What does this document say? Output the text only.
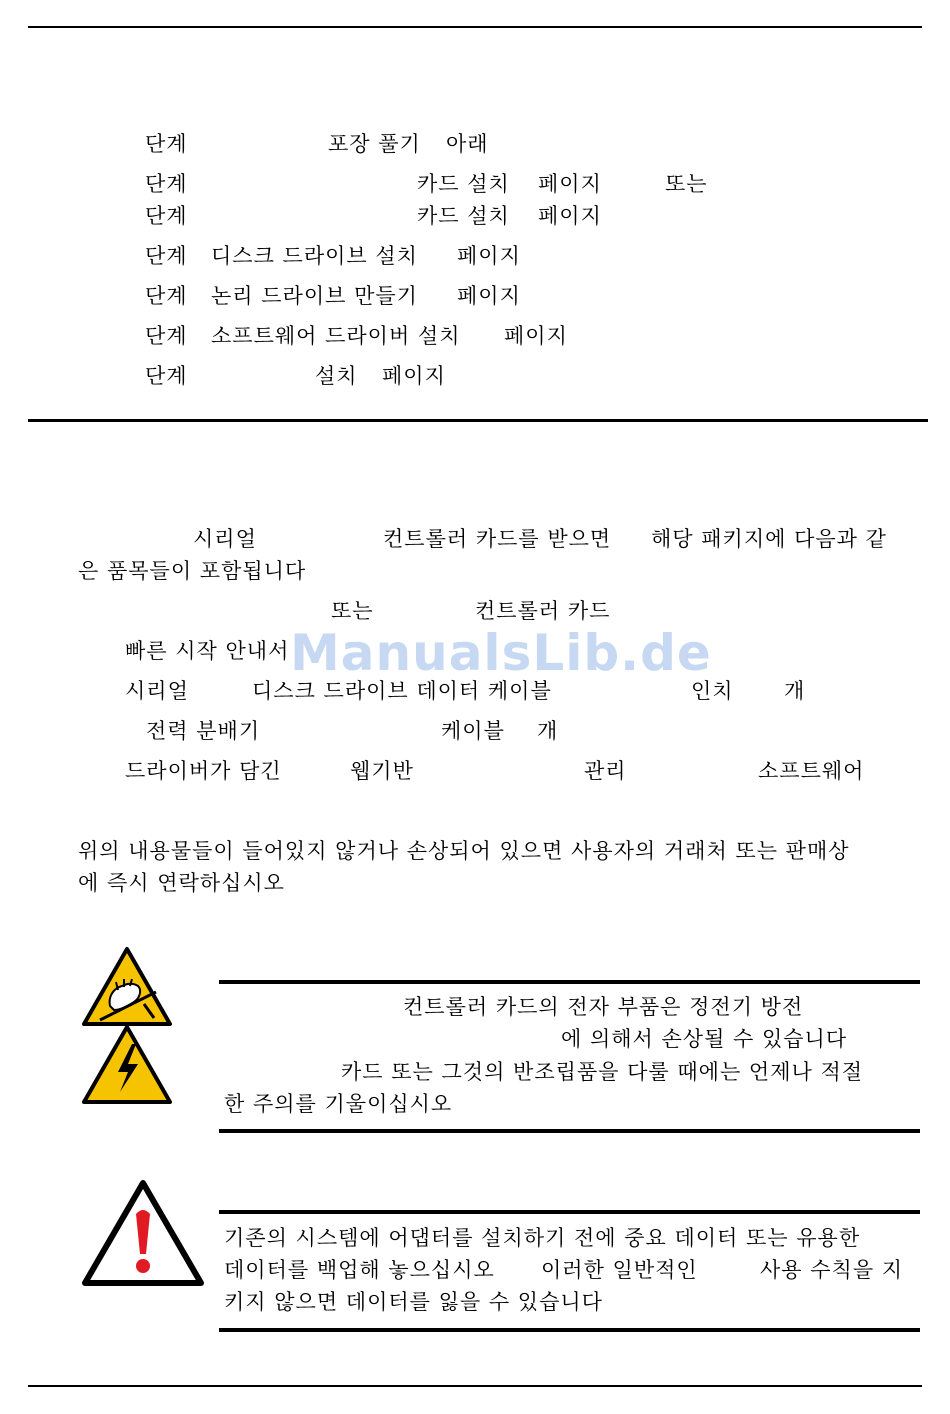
단계	포장 풀기 아래
단계	카드 설치 페이지	또는
단계	카드 설치 페이지
단계 디스크 드라이브 설치 페이지
단계 논리 드라이브 만들기 페이지
단계 소프트웨어 드라이버 설치 페이지
단계	설치 페이지
시리얼	컨트롤러 카드를 받으면 해당 패키지에 다음과 같
은 품목들이 포함됩니다
또는	컨트롤러 카드
빠른 시작 안내서
시리얼	디스크 드라이브 데이터 케이블	인치 개
전력 분배기	케이블 개
드라이버가 담긴	웹기반	관리	소프트웨어
ManualsLib.de
위의 내용물들이 들어있지 않거나 손상되어 있으면 사용자의 거래처 또는 판매상
에 즉시 연락하십시오
컨트롤러 카드의 전자 부품은 정전기 방전
에 의해서 손상될 수 있습니다
카드 또는 그것의 반조립품을 다룰 때에는 언제나 적절
한 주의를 기울이십시오
기존의 시스템에 어댑터를 설치하기 전에 중요 데이터 또는 유용한
데이터를 백업해 놓으십시오 이러한 일반적인	사용 수칙을 지
키지 않으면 데이터를 잃을 수 있습니다
